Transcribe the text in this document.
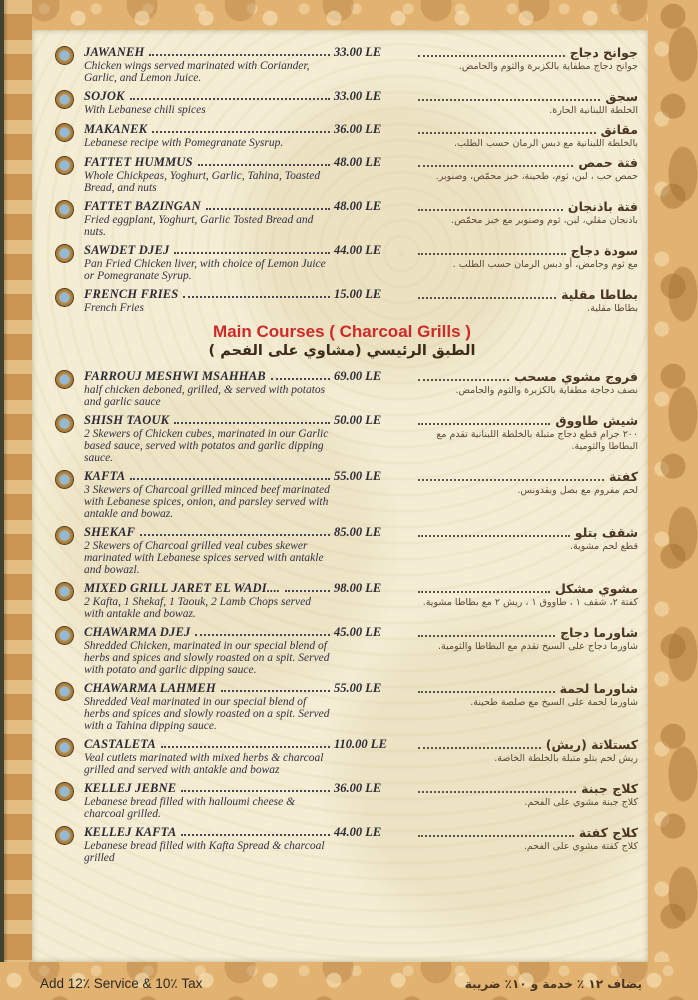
JAWANEH
Chicken wings served marinated with Coriander, Garlic, and Lemon Juice.
33.00 LE	جوانح دجاج
جوانح دجاج مطفاية بالكزبرة والثوم والحامض.
SOJOK
With Lebanese chili spices
33.00 LE	سجق
الخلطة اللبنانية الحارة.
MAKANEK
Lebanese recipe with Pomegranate Sysrup.
36.00 LE	مقانق
بالخلطة اللبنانية مع دبس الرمان حسب الطلب.
FATTET HUMMUS
Whole Chickpeas, Yoghurt, Garlic, Tahina, Toasted Bread, and nuts
48.00 LE	فتة حمص
حمص حب ، لبن، ثوم، طحينة، خبز محمّص، وصنوبر.
FATTET BAZINGAN
Fried eggplant, Yoghurt, Garlic Tosted Bread and nuts.
48.00 LE	فتة باذنجان
باذنجان مقلي، لبن، ثوم وصنوبر مع خبز محمّص.
SAWDET DJEJ
Pan Fried Chicken liver, with choice of Lemon Juice or Pomegranate Syrup.
44.00 LE	سودة دجاج
مع ثوم وحامض، أو دبس الرمان حسب الطلب .
FRENCH FRIES
French Fries
15.00 LE	بطاطا مقلية
بطاطا مقلية.
Main Courses ( Charcoal Grills )
الطبق الرئيسي (مشاوي على الفحم )
FARROUJ MESHWI MSAHHAB
half chicken deboned, grilled, & served with potatos and garlic sauce
69.00 LE	فروج مشوي مسحب
نصف دجاجة مطفاية بالكزبرة والثوم والحامض.
SHISH TAOUK
2 Skewers of Chicken cubes, marinated in our Garlic based sauce, served with potatos and garlic dipping sauce.
50.00 LE	شيش طاووق
٢٠٠ جرام قطع دجاج متبلة بالخلطة اللبنانية تقدم مع البطاطا والثومية.
KAFTA
3 Skewers of Charcoal grilled minced beef marinated with Lebanese spices, onion, and parsley served with antakle and bowaz.
55.00 LE	كفتة
لحم مفروم مع بصل وبقدونس.
SHEKAF
2 Skewers of Charcoal grilled veal cubes skewer marinated with Lebanese spices served with antakle and bowazl.
85.00 LE	شقف بتلو
قطع لحم مشوية.
MIXED GRILL JARET EL WADI....
2 Kafta, 1 Shekaf, 1 Taouk, 2 Lamb Chops served with antakle and bowaz.
98.00 LE	مشوي مشكل
كفتة ٢، شقف ١ ، طاووق ١ ، ريش ٢ مع بطاطا مشوية.
CHAWARMA DJEJ
Shredded Chicken, marinated in our special blend of herbs and spices and slowly roasted on a spit. Served with potato and garlic dipping sauce.
45.00 LE	شاورما دجاج
شاورما دجاج على السيخ تقدم مع البطاطا والثومية.
CHAWARMA LAHMEH
Shredded Veal marinated in our special blend of herbs and spices and slowly roasted on a spit. Served with a Tahina dipping sauce.
55.00 LE	شاورما لحمة
شاورما لحمة على السيخ مع صلصة طحينة.
CASTALETA
Veal cutlets marinated with mixed herbs & charcoal grilled and served with antakle and bowaz
110.00 LE	كستلاتة (ريش)
ريش لحم بتلو متبلة بالخلطة الخاصة.
KELLEJ JEBNE
Lebanese bread filled with halloumi cheese & charcoal grilled.
36.00 LE	كلاج جبنة
كلاج جبنة مشوي على الفحم.
KELLEJ KAFTA
Lebanese bread filled with Kafta Spread & charcoal grilled
44.00 LE	كلاج كفتة
كلاج كفتة مشوي على الفحم.
Add 12٪ Service & 10٪ Tax	يضاف ١٢ ٪ خدمة و ١٠٪ ضريبة
